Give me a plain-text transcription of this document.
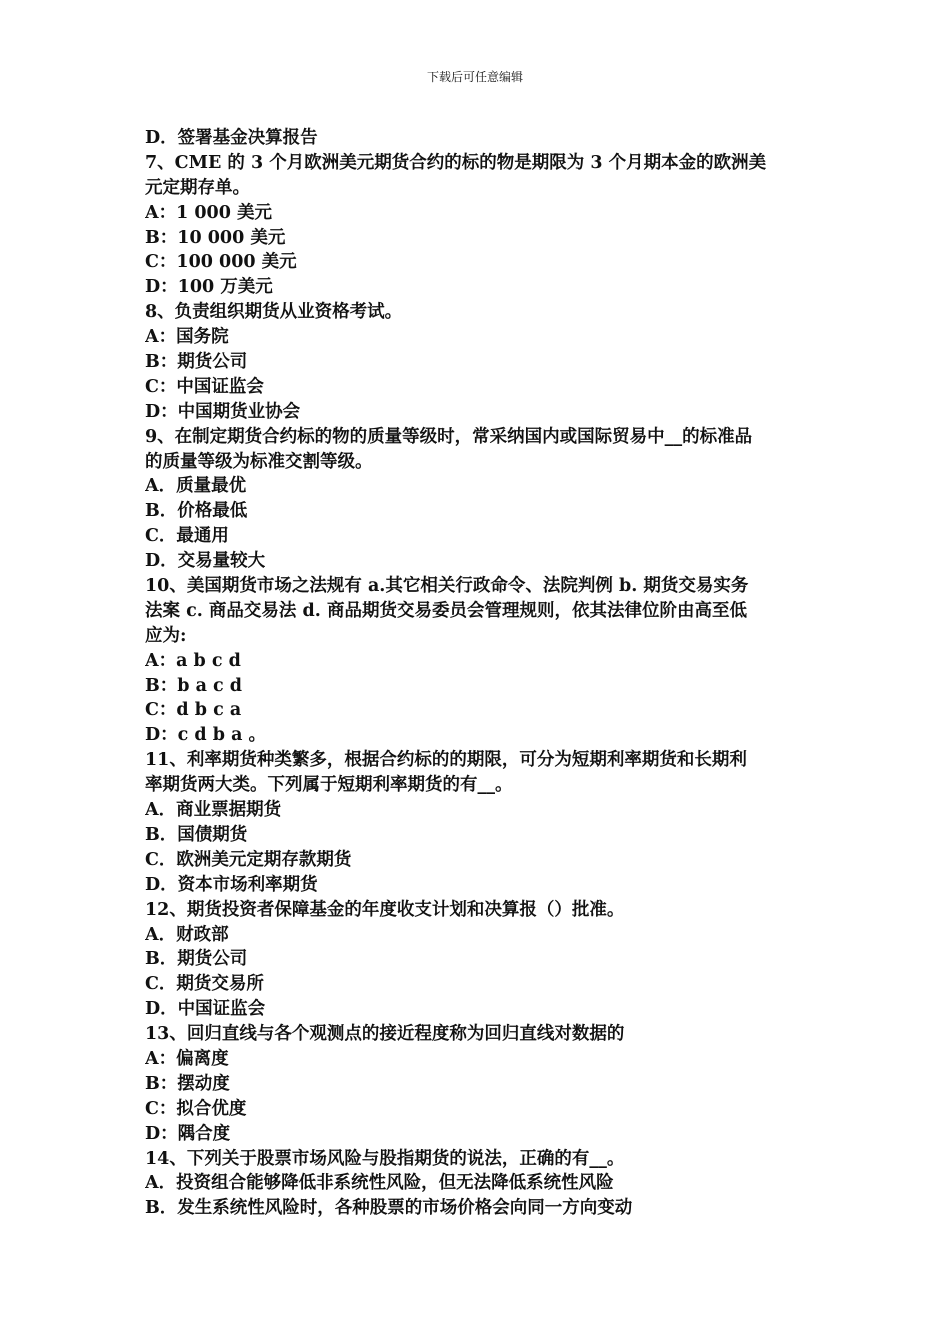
下载后可任意编辑
D．签署基金决算报告
7、CME 的 3 个月欧洲美元期货合约的标的物是期限为 3 个月期本金的欧洲美
元定期存单。
A：1 000 美元
B：10 000 美元
C：100 000 美元
D：100 万美元
8、负责组织期货从业资格考试。
A：国务院
B：期货公司
C：中国证监会
D：中国期货业协会
9、在制定期货合约标的物的质量等级时，常采纳国内或国际贸易中__的标准品
的质量等级为标准交割等级。
A．质量最优
B．价格最低
C．最通用
D．交易量较大
10、美国期货市场之法规有 a.其它相关行政命令、法院判例 b. 期货交易实务
法案 c. 商品交易法 d. 商品期货交易委员会管理规则，依其法律位阶由高至低
应为:
A：a b c d
B：b a c d
C：d b c a
D：c d b a 。
11、利率期货种类繁多，根据合约标的的期限，可分为短期利率期货和长期利
率期货两大类。下列属于短期利率期货的有__。
A．商业票据期货
B．国债期货
C．欧洲美元定期存款期货
D．资本市场利率期货
12、期货投资者保障基金的年度收支计划和决算报（）批准。
A．财政部
B．期货公司
C．期货交易所
D．中国证监会
13、回归直线与各个观测点的接近程度称为回归直线对数据的
A：偏离度
B：摆动度
C：拟合优度
D：隅合度
14、下列关于股票市场风险与股指期货的说法，正确的有__。
A．投资组合能够降低非系统性风险，但无法降低系统性风险
B．发生系统性风险时，各种股票的市场价格会向同一方向变动
